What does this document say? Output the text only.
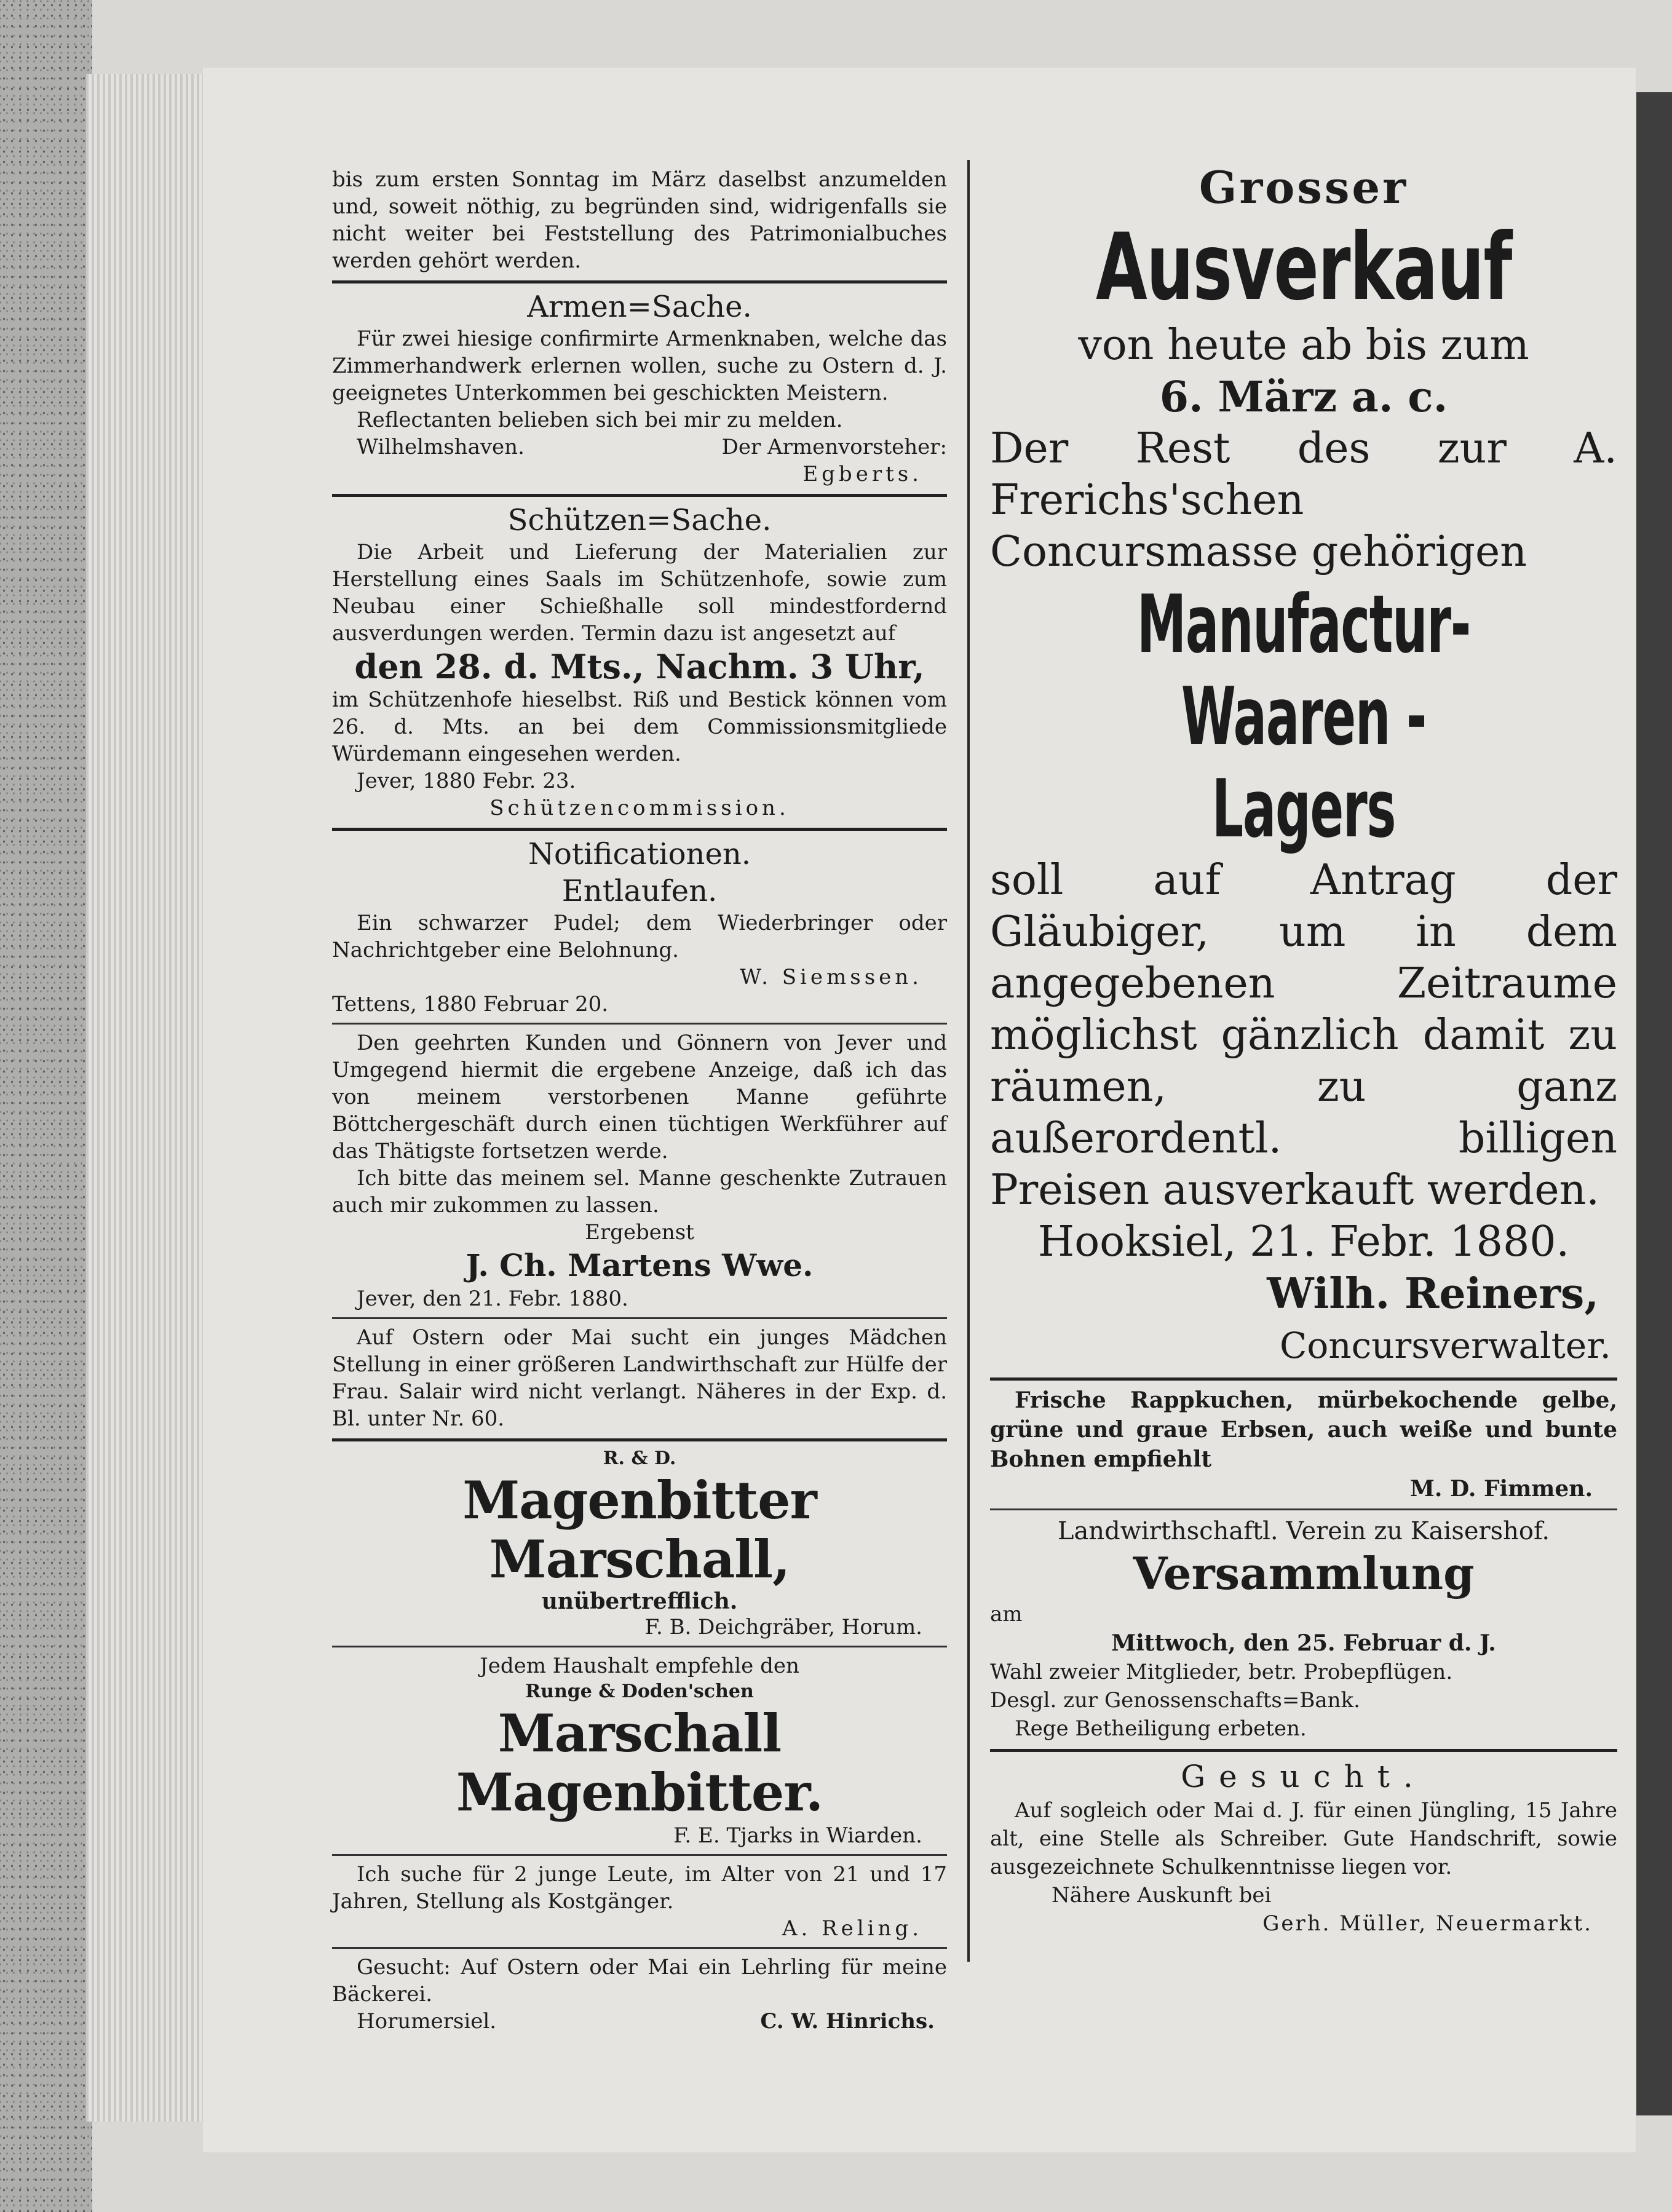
bis zum ersten Sonntag im März daselbst anzumelden und, soweit nöthig, zu begründen sind, widrigenfalls sie nicht weiter bei Feststellung des Patrimonialbuches werden gehört werden.

Armen=Sache.

Für zwei hiesige confirmirte Armenknaben, welche das Zimmerhandwerk erlernen wollen, suche zu Ostern d. J. geeignetes Unterkommen bei geschickten Meistern.

Reflectanten belieben sich bei mir zu melden.

Wilhelmshaven.	Der Armenvorsteher:

Egberts.

Schützen=Sache.

Die Arbeit und Lieferung der Materialien zur Herstellung eines Saals im Schützenhofe, sowie zum Neubau einer Schießhalle soll mindestfordernd ausverdungen werden. Termin dazu ist angesetzt auf

den 28. d. Mts., Nachm. 3 Uhr,

im Schützenhofe hieselbst. Riß und Bestick können vom 26. d. Mts. an bei dem Commissionsmitgliede Würdemann eingesehen werden.

Jever, 1880 Febr. 23.

Schützencommission.

Notificationen.

Entlaufen.

Ein schwarzer Pudel; dem Wiederbringer oder Nachrichtgeber eine Belohnung.

W. Siemssen.

Tettens, 1880 Februar 20.

Den geehrten Kunden und Gönnern von Jever und Umgegend hiermit die ergebene Anzeige, daß ich das von meinem verstorbenen Manne geführte Böttchergeschäft durch einen tüchtigen Werkführer auf das Thätigste fortsetzen werde.

Ich bitte das meinem sel. Manne geschenkte Zutrauen auch mir zukommen zu lassen.

Ergebenst

J. Ch. Martens Wwe.

Jever, den 21. Febr. 1880.

Auf Ostern oder Mai sucht ein junges Mädchen Stellung in einer größeren Landwirthschaft zur Hülfe der Frau. Salair wird nicht verlangt. Näheres in der Exp. d. Bl. unter Nr. 60.

R. & D.

Magenbitter Marschall,

unübertrefflich.

F. B. Deichgräber, Horum.

Jedem Haushalt empfehle den

Runge & Doden'schen

Marschall Magenbitter.

F. E. Tjarks in Wiarden.

Ich suche für 2 junge Leute, im Alter von 21 und 17 Jahren, Stellung als Kostgänger.

A. Reling.

Gesucht: Auf Ostern oder Mai ein Lehrling für meine Bäckerei.

Horumersiel.	C. W. Hinrichs.

Grosser

Ausverkauf

von heute ab bis zum

6. März a. c.

Der Rest des zur A. Frerichs'schen Concursmasse gehörigen

Manufactur-

Waaren - Lagers

soll auf Antrag der Gläubiger, um in dem angegebenen Zeitraume möglichst gänzlich damit zu räumen, zu ganz außerordentl. billigen Preisen ausverkauft werden.

Hooksiel, 21. Febr. 1880.

Wilh. Reiners,

Concursverwalter.

Frische Rappkuchen, mürbekochende gelbe, grüne und graue Erbsen, auch weiße und bunte Bohnen empfiehlt

M. D. Fimmen.

Landwirthschaftl. Verein zu Kaisershof.

Versammlung

am

Mittwoch, den 25. Februar d. J.

Wahl zweier Mitglieder, betr. Probepflügen.

Desgl. zur Genossenschafts=Bank.

Rege Betheiligung erbeten.

Gesucht.

Auf sogleich oder Mai d. J. für einen Jüngling, 15 Jahre alt, eine Stelle als Schreiber. Gute Handschrift, sowie ausgezeichnete Schulkenntnisse liegen vor.

Nähere Auskunft bei

Gerh. Müller, Neuermarkt.
